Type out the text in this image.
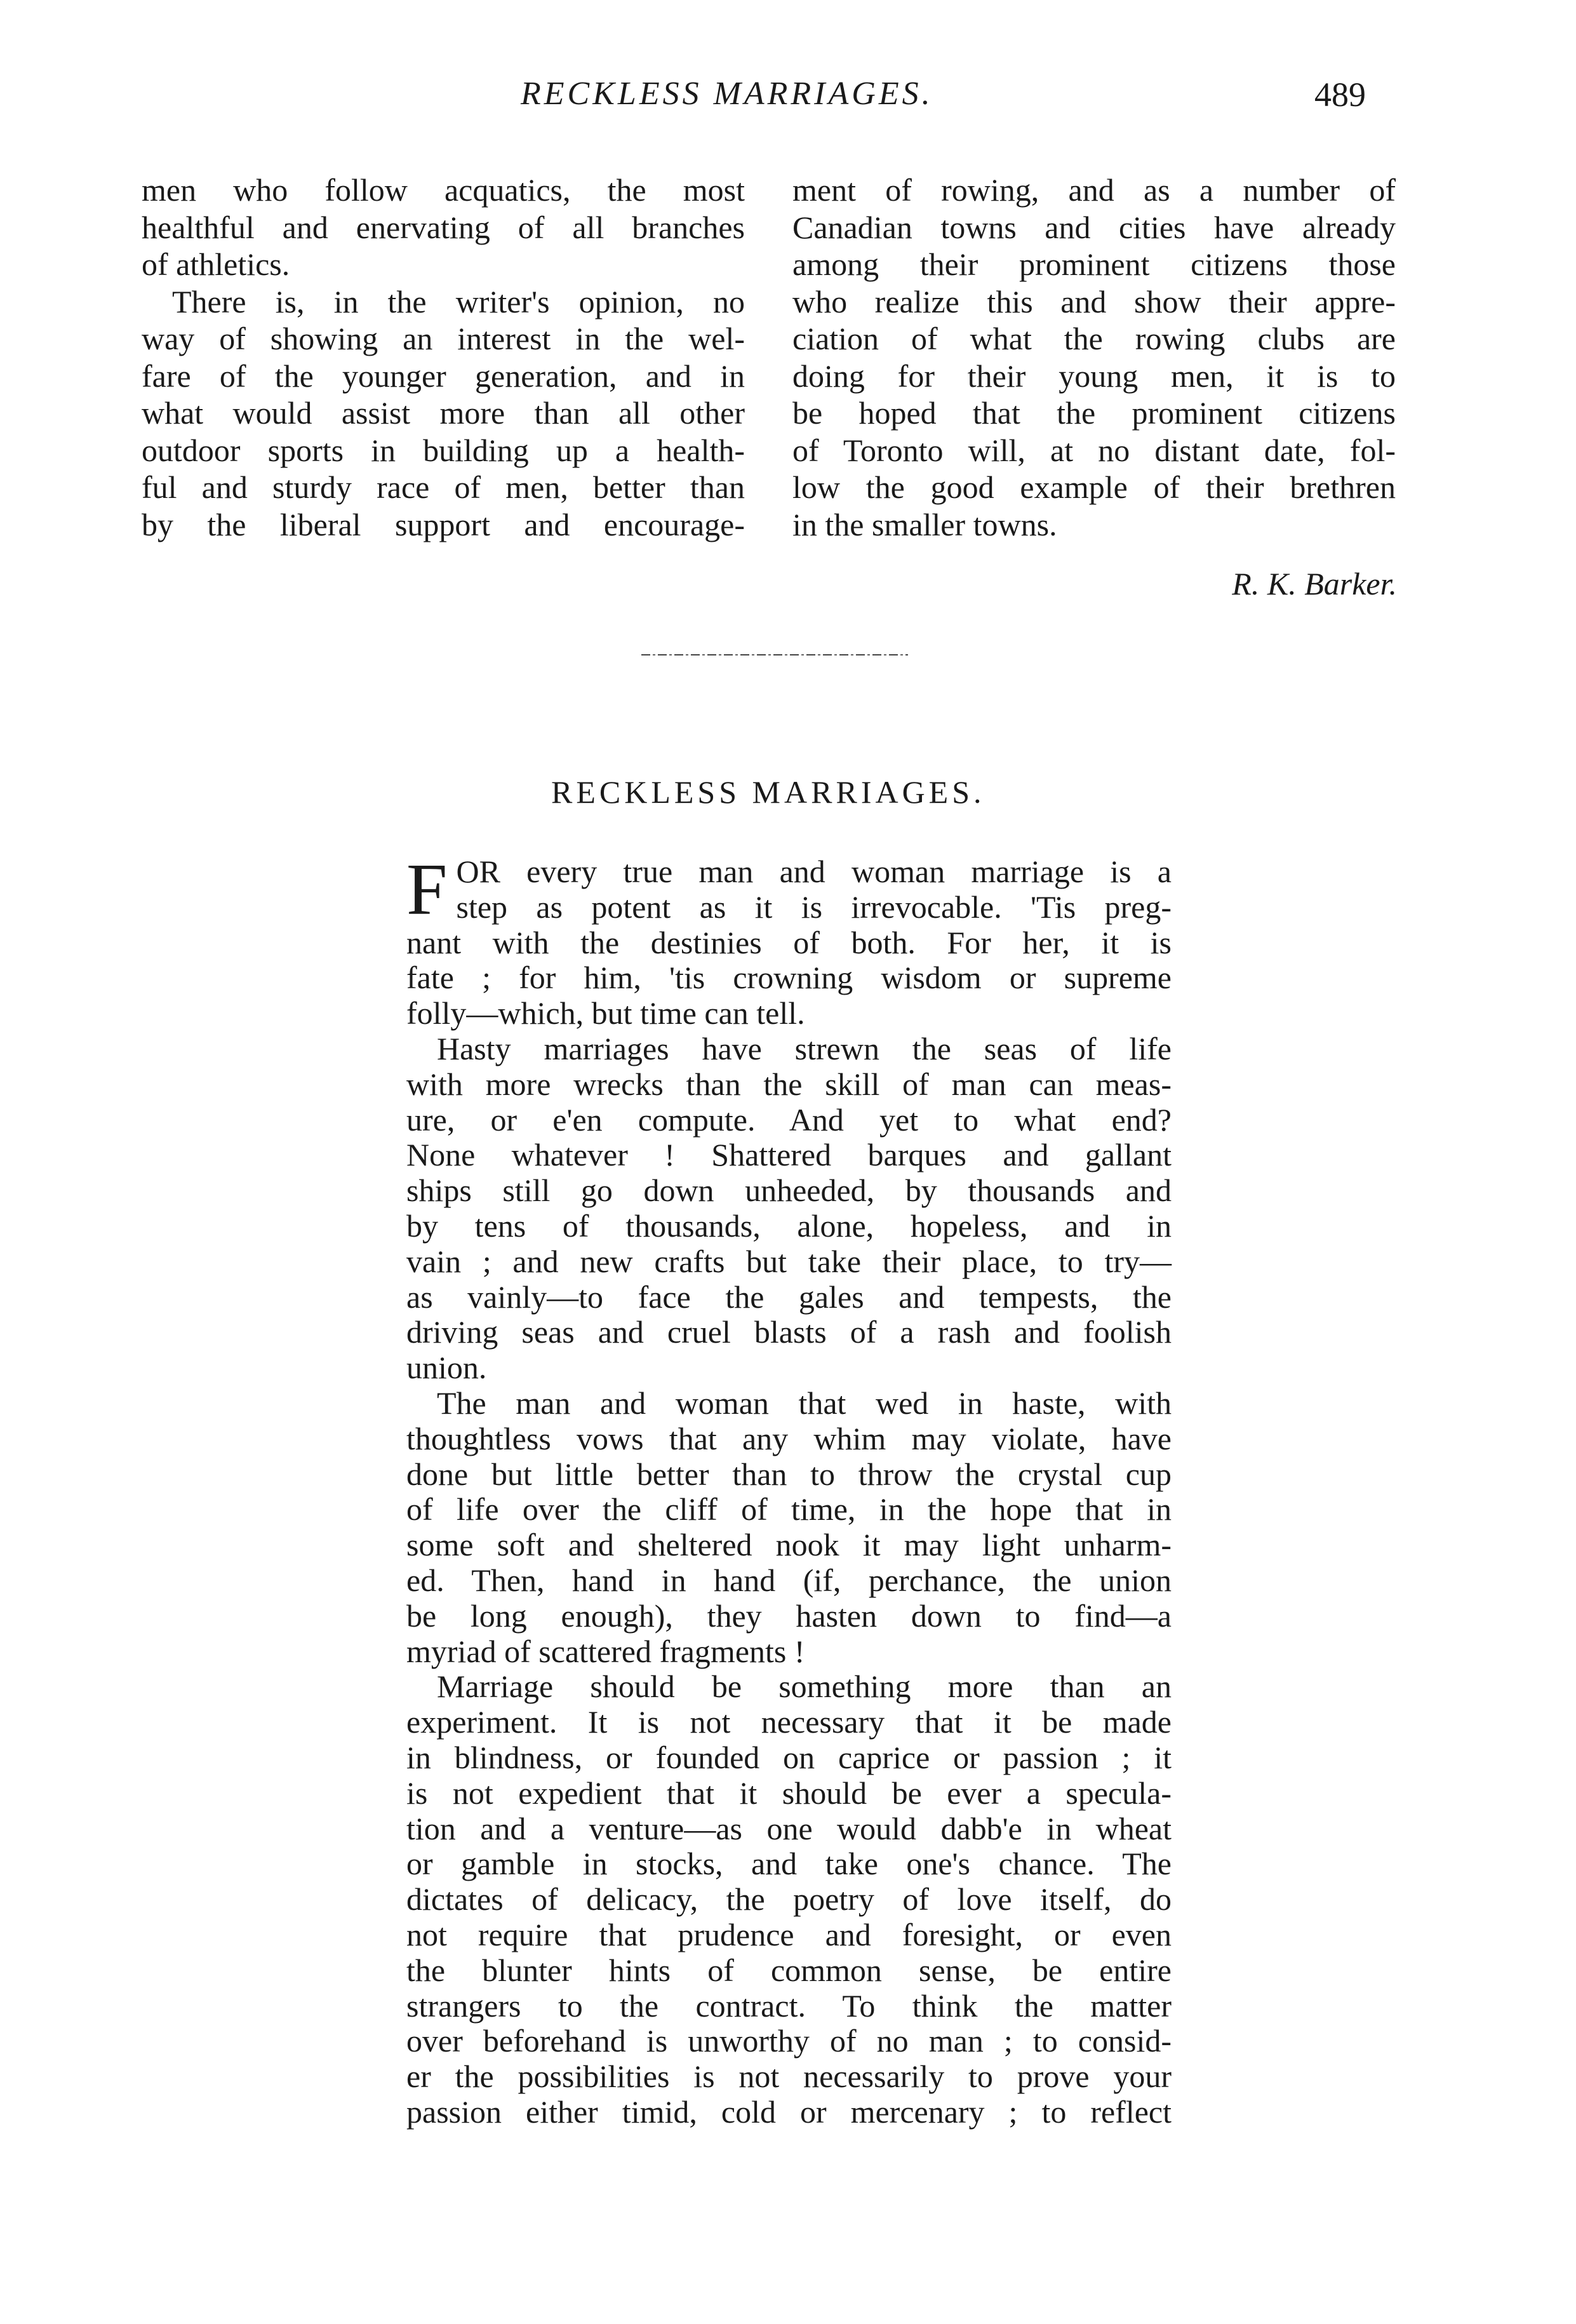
RECKLESS MARRIAGES.	489
men who follow acquatics, the most
healthful and enervating of all branches
of athletics.
There is, in the writer's opinion, no
way of showing an interest in the wel-
fare of the younger generation, and in
what would assist more than all other
outdoor sports in building up a health-
ful and sturdy race of men, better than
by the liberal support and encourage-
ment of rowing, and as a number of
Canadian towns and cities have already
among their prominent citizens those
who realize this and show their appre-
ciation of what the rowing clubs are
doing for their young men, it is to
be hoped that the prominent citizens
of Toronto will, at no distant date, fol-
low the good example of their brethren
in the smaller towns.
R. K. Barker.
RECKLESS MARRIAGES.
F OR every true man and woman marriage is a
step as potent as it is irrevocable. 'Tis preg-
nant with the destinies of both. For her, it is
fate ; for him, 'tis crowning wisdom or supreme
folly—which, but time can tell.
Hasty marriages have strewn the seas of life
with more wrecks than the skill of man can meas-
ure, or e'en compute. And yet to what end?
None whatever ! Shattered barques and gallant
ships still go down unheeded, by thousands and
by tens of thousands, alone, hopeless, and in
vain ; and new crafts but take their place, to try—
as vainly—to face the gales and tempests, the
driving seas and cruel blasts of a rash and foolish
union.
The man and woman that wed in haste, with
thoughtless vows that any whim may violate, have
done but little better than to throw the crystal cup
of life over the cliff of time, in the hope that in
some soft and sheltered nook it may light unharm-
ed. Then, hand in hand (if, perchance, the union
be long enough), they hasten down to find—a
myriad of scattered fragments !
Marriage should be something more than an
experiment. It is not necessary that it be made
in blindness, or founded on caprice or passion ; it
is not expedient that it should be ever a specula-
tion and a venture—as one would dabb'e in wheat
or gamble in stocks, and take one's chance. The
dictates of delicacy, the poetry of love itself, do
not require that prudence and foresight, or even
the blunter hints of common sense, be entire
strangers to the contract. To think the matter
over beforehand is unworthy of no man ; to consid-
er the possibilities is not necessarily to prove your
passion either timid, cold or mercenary ; to reflect
